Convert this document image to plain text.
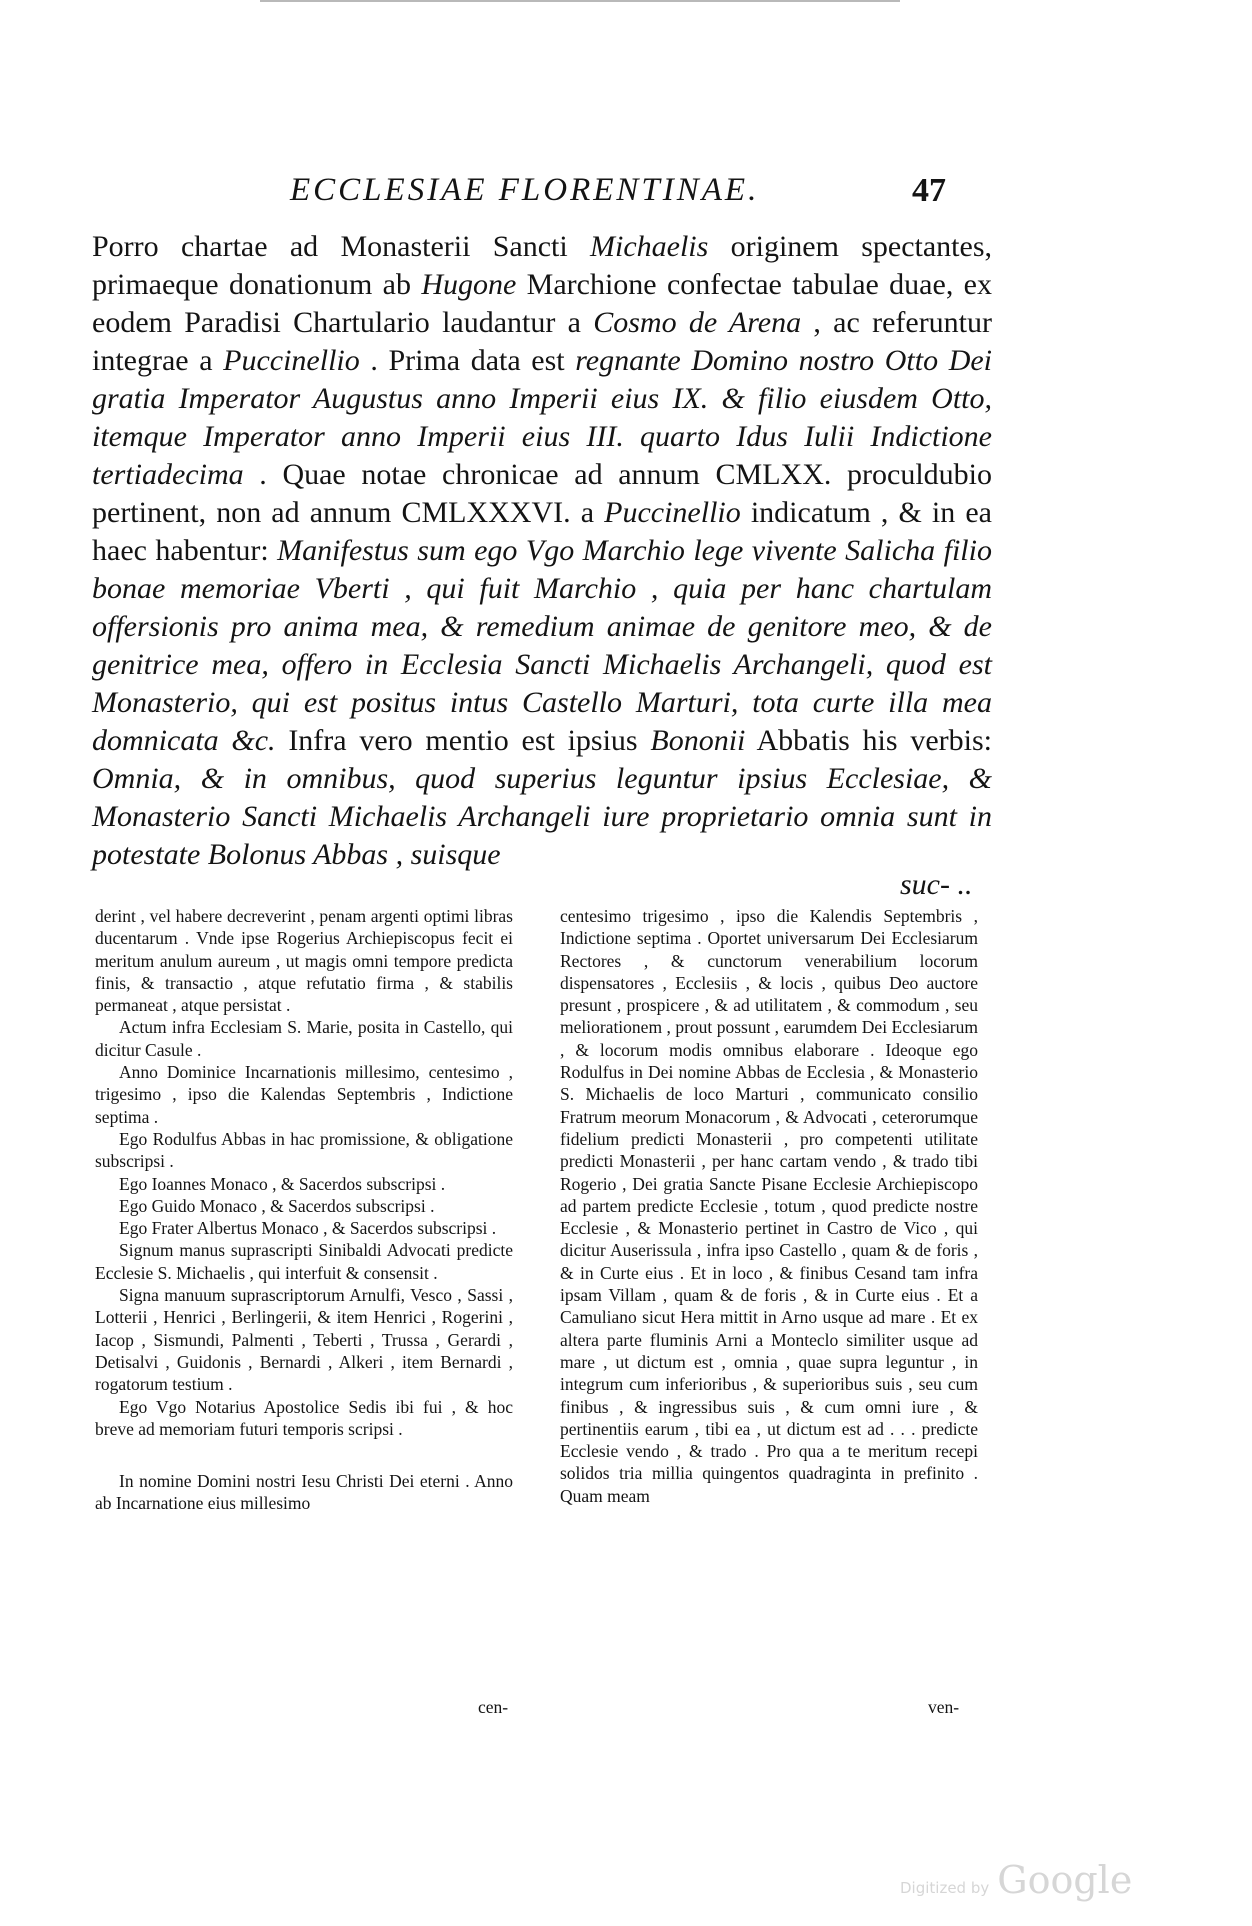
ECCLESIAE FLORENTINAE.	47

Porro chartae ad Monasterii Sancti Michaelis originem spectantes, primaeque donationum ab Hugone Marchione confectae tabulae duae, ex eodem Paradisi Chartulario laudantur a Cosmo de Arena , ac referuntur integrae a Puccinellio . Prima data est regnante Domino nostro Otto Dei gratia Imperator Augustus anno Imperii eius IX. & filio eiusdem Otto, itemque Imperator anno Imperii eius III. quarto Idus Iulii Indictione tertiadecima . Quae notae chronicae ad annum CMLXX. proculdubio pertinent, non ad annum CMLXXXVI. a Puccinellio indicatum , & in ea haec habentur: Manifestus sum ego Vgo Marchio lege vivente Salicha filio bonae memoriae Vberti , qui fuit Marchio , quia per hanc chartulam offersionis pro anima mea, & remedium animae de genitore meo, & de genitrice mea, offero in Ecclesia Sancti Michaelis Archangeli, quod est Monasterio, qui est positus intus Castello Marturi, tota curte illa mea domnicata &c. Infra vero mentio est ipsius Bononii Abbatis his verbis: Omnia, & in omnibus, quod superius leguntur ipsius Ecclesiae, & Monasterio Sancti Michaelis Archangeli iure proprietario omnia sunt in potestate Bolonus Abbas , suisque

suc- ..

derint , vel habere decreverint , penam argenti optimi libras ducentarum . Vnde ipse Rogerius Archiepiscopus fecit ei meritum anulum aureum , ut magis omni tempore predicta finis, & transactio , atque refutatio firma , & stabilis permaneat , atque persistat .

Actum infra Ecclesiam S. Marie, posita in Castello, qui dicitur Casule .

Anno Dominice Incarnationis millesimo, centesimo , trigesimo , ipso die Kalendas Septembris , Indictione septima .

Ego Rodulfus Abbas in hac promissione, & obligatione subscripsi .

Ego Ioannes Monaco , & Sacerdos subscripsi .

Ego Guido Monaco , & Sacerdos subscripsi .

Ego Frater Albertus Monaco , & Sacerdos subscripsi .

Signum manus suprascripti Sinibaldi Advocati predicte Ecclesie S. Michaelis , qui interfuit & consensit .

Signa manuum suprascriptorum Arnulfi, Vesco , Sassi , Lotterii , Henrici , Berlingerii, & item Henrici , Rogerini , Iacop , Sismundi, Palmenti , Teberti , Trussa , Gerardi , Detisalvi , Guidonis , Bernardi , Alkeri , item Bernardi , rogatorum testium .

Ego Vgo Notarius Apostolice Sedis ibi fui , & hoc breve ad memoriam futuri temporis scripsi .

In nomine Domini nostri Iesu Christi Dei eterni . Anno ab Incarnatione eius millesimo

cen-

centesimo trigesimo , ipso die Kalendis Septembris , Indictione septima . Oportet universarum Dei Ecclesiarum Rectores , & cunctorum venerabilium locorum dispensatores , Ecclesiis , & locis , quibus Deo auctore presunt , prospicere , & ad utilitatem , & commodum , seu meliorationem , prout possunt , earumdem Dei Ecclesiarum , & locorum modis omnibus elaborare . Ideoque ego Rodulfus in Dei nomine Abbas de Ecclesia , & Monasterio S. Michaelis de loco Marturi , communicato consilio Fratrum meorum Monacorum , & Advocati , ceterorumque fidelium predicti Monasterii , pro competenti utilitate predicti Monasterii , per hanc cartam vendo , & trado tibi Rogerio , Dei gratia Sancte Pisane Ecclesie Archiepiscopo ad partem predicte Ecclesie , totum , quod predicte nostre Ecclesie , & Monasterio pertinet in Castro de Vico , qui dicitur Auserissula , infra ipso Castello , quam & de foris , & in Curte eius . Et in loco , & finibus Cesand tam infra ipsam Villam , quam & de foris , & in Curte eius . Et a Camuliano sicut Hera mittit in Arno usque ad mare . Et ex altera parte fluminis Arni a Monteclo similiter usque ad mare , ut dictum est , omnia , quae supra leguntur , in integrum cum inferioribus , & superioribus suis , seu cum finibus , & ingressibus suis , & cum omni iure , & pertinentiis earum , tibi ea , ut dictum est ad . . . predicte Ecclesie vendo , & trado . Pro qua a te meritum recepi solidos tria millia quingentos quadraginta in prefinito . Quam meam

ven-
Digitized by Google
